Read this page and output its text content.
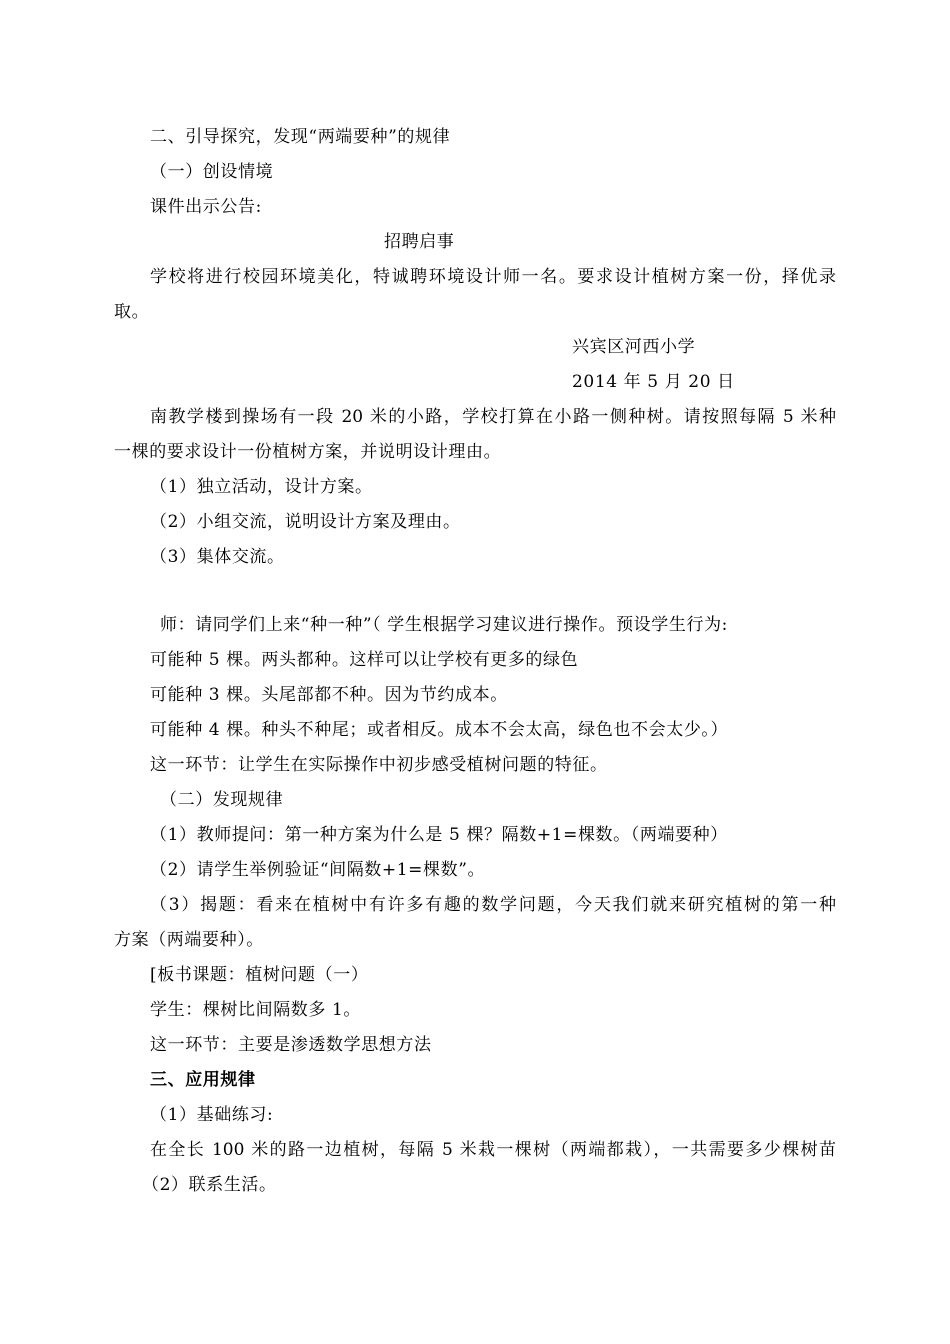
二、引导探究，发现“两端要种”的规律
（一）创设情境
课件出示公告:
招聘启事
学校将进行校园环境美化，特诚聘环境设计师一名。要求设计植树方案一份，择优录
取。
兴宾区河西小学
2014 年 5 月 20 日
南教学楼到操场有一段 20 米的小路，学校打算在小路一侧种树。请按照每隔 5 米种
一棵的要求设计一份植树方案，并说明设计理由。
（1）独立活动，设计方案。
（2）小组交流，说明设计方案及理由。
（3）集体交流。
师：请同学们上来“种一种”（ 学生根据学习建议进行操作。预设学生行为:
可能种 5 棵。两头都种。这样可以让学校有更多的绿色
可能种 3 棵。头尾部都不种。因为节约成本。
可能种 4 棵。种头不种尾；或者相反。成本不会太高，绿色也不会太少。）
这一环节：让学生在实际操作中初步感受植树问题的特征。
（二）发现规律
（1）教师提问：第一种方案为什么是 5 棵？隔数+1=棵数。（两端要种）
（2）请学生举例验证“间隔数+1=棵数”。
（3）揭题：看来在植树中有许多有趣的数学问题，今天我们就来研究植树的第一种
方案（两端要种）。
[板书课题：植树问题（一）
学生：棵树比间隔数多 1。
这一环节：主要是渗透数学思想方法
三、应用规律
（1）基础练习:
在全长 100 米的路一边植树，每隔 5 米栽一棵树（两端都栽），一共需要多少棵树苗
（2）联系生活。
